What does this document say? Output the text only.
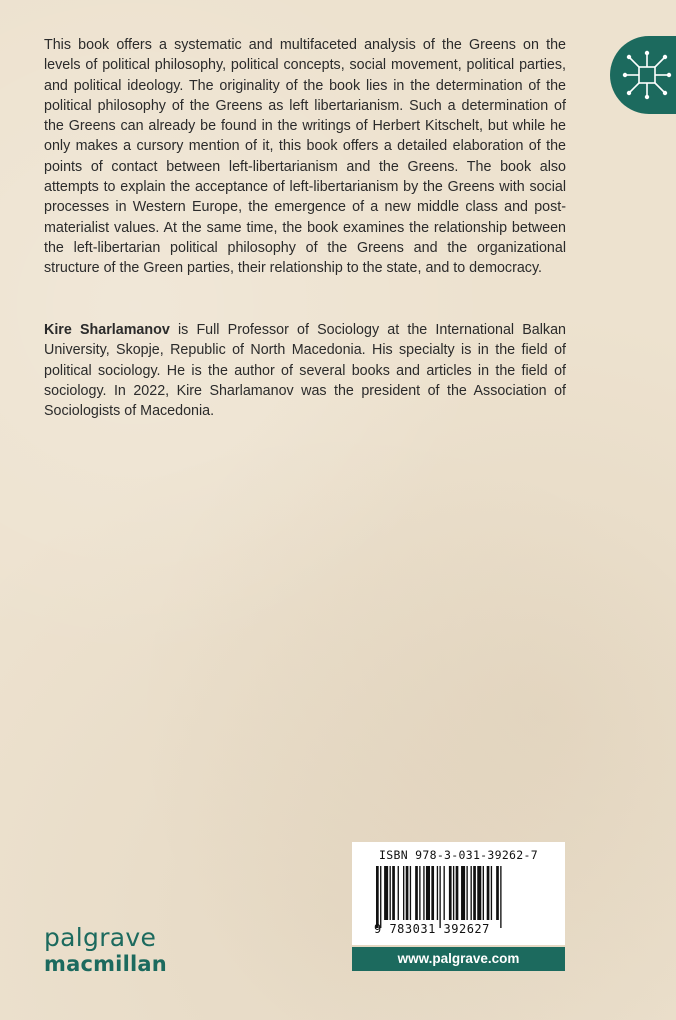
This book offers a systematic and multifaceted analysis of the Greens on the levels of political philosophy, political concepts, social movement, political parties, and political ideology. The originality of the book lies in the determination of the political philosophy of the Greens as left libertarianism. Such a determination of the Greens can already be found in the writings of Herbert Kitschelt, but while he only makes a cursory mention of it, this book offers a detailed elaboration of the points of contact between left-libertarianism and the Greens. The book also attempts to explain the acceptance of left-libertarianism by the Greens with social processes in Western Europe, the emergence of a new middle class and post-materialist values. At the same time, the book examines the relationship between the left-libertarian political philosophy of the Greens and the organizational structure of the Green parties, their relationship to the state, and to democracy.

Kire Sharlamanov is Full Professor of Sociology at the International Balkan University, Skopje, Republic of North Macedonia. His specialty is in the field of political sociology. He is the author of several books and articles in the field of sociology. In 2022, Kire Sharlamanov was the president of the Association of Sociologists of Macedonia.

ISBN 978-3-031-39262-7
9 783031 392627
www.palgrave.com
palgrave
macmillan
